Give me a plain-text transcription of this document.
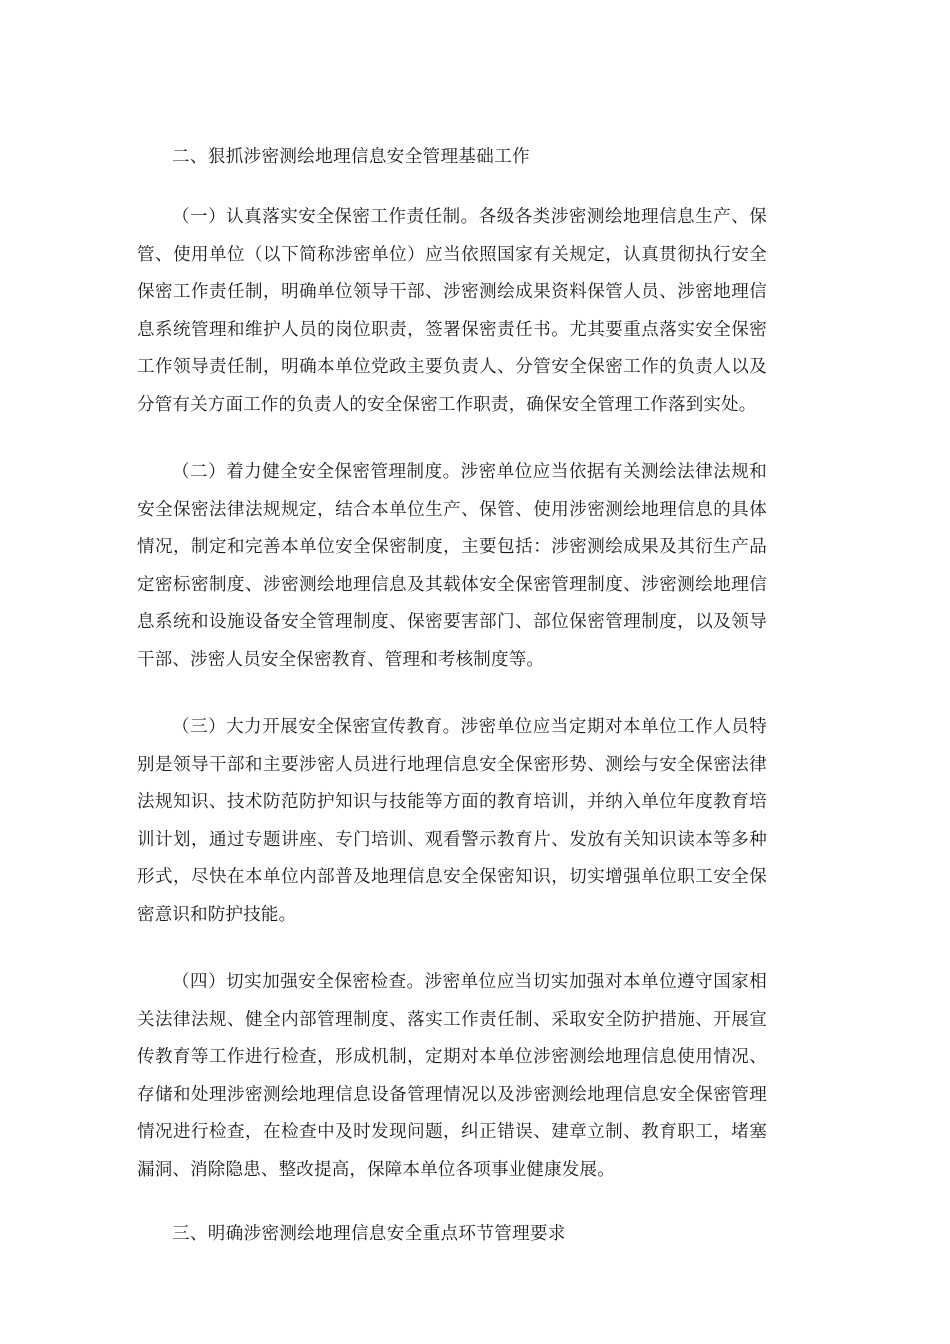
二、狠抓涉密测绘地理信息安全管理基础工作

（一）认真落实安全保密工作责任制。各级各类涉密测绘地理信息生产、保管、使用单位（以下简称涉密单位）应当依照国家有关规定，认真贯彻执行安全保密工作责任制，明确单位领导干部、涉密测绘成果资料保管人员、涉密地理信息系统管理和维护人员的岗位职责，签署保密责任书。尤其要重点落实安全保密工作领导责任制，明确本单位党政主要负责人、分管安全保密工作的负责人以及分管有关方面工作的负责人的安全保密工作职责，确保安全管理工作落到实处。

（二）着力健全安全保密管理制度。涉密单位应当依据有关测绘法律法规和安全保密法律法规规定，结合本单位生产、保管、使用涉密测绘地理信息的具体情况，制定和完善本单位安全保密制度，主要包括：涉密测绘成果及其衍生产品定密标密制度、涉密测绘地理信息及其载体安全保密管理制度、涉密测绘地理信息系统和设施设备安全管理制度、保密要害部门、部位保密管理制度，以及领导干部、涉密人员安全保密教育、管理和考核制度等。

（三）大力开展安全保密宣传教育。涉密单位应当定期对本单位工作人员特别是领导干部和主要涉密人员进行地理信息安全保密形势、测绘与安全保密法律法规知识、技术防范防护知识与技能等方面的教育培训，并纳入单位年度教育培训计划，通过专题讲座、专门培训、观看警示教育片、发放有关知识读本等多种形式，尽快在本单位内部普及地理信息安全保密知识，切实增强单位职工安全保密意识和防护技能。

（四）切实加强安全保密检查。涉密单位应当切实加强对本单位遵守国家相关法律法规、健全内部管理制度、落实工作责任制、采取安全防护措施、开展宣传教育等工作进行检查，形成机制，定期对本单位涉密测绘地理信息使用情况、存储和处理涉密测绘地理信息设备管理情况以及涉密测绘地理信息安全保密管理情况进行检查，在检查中及时发现问题，纠正错误、建章立制、教育职工，堵塞漏洞、消除隐患、整改提高，保障本单位各项事业健康发展。

三、明确涉密测绘地理信息安全重点环节管理要求
